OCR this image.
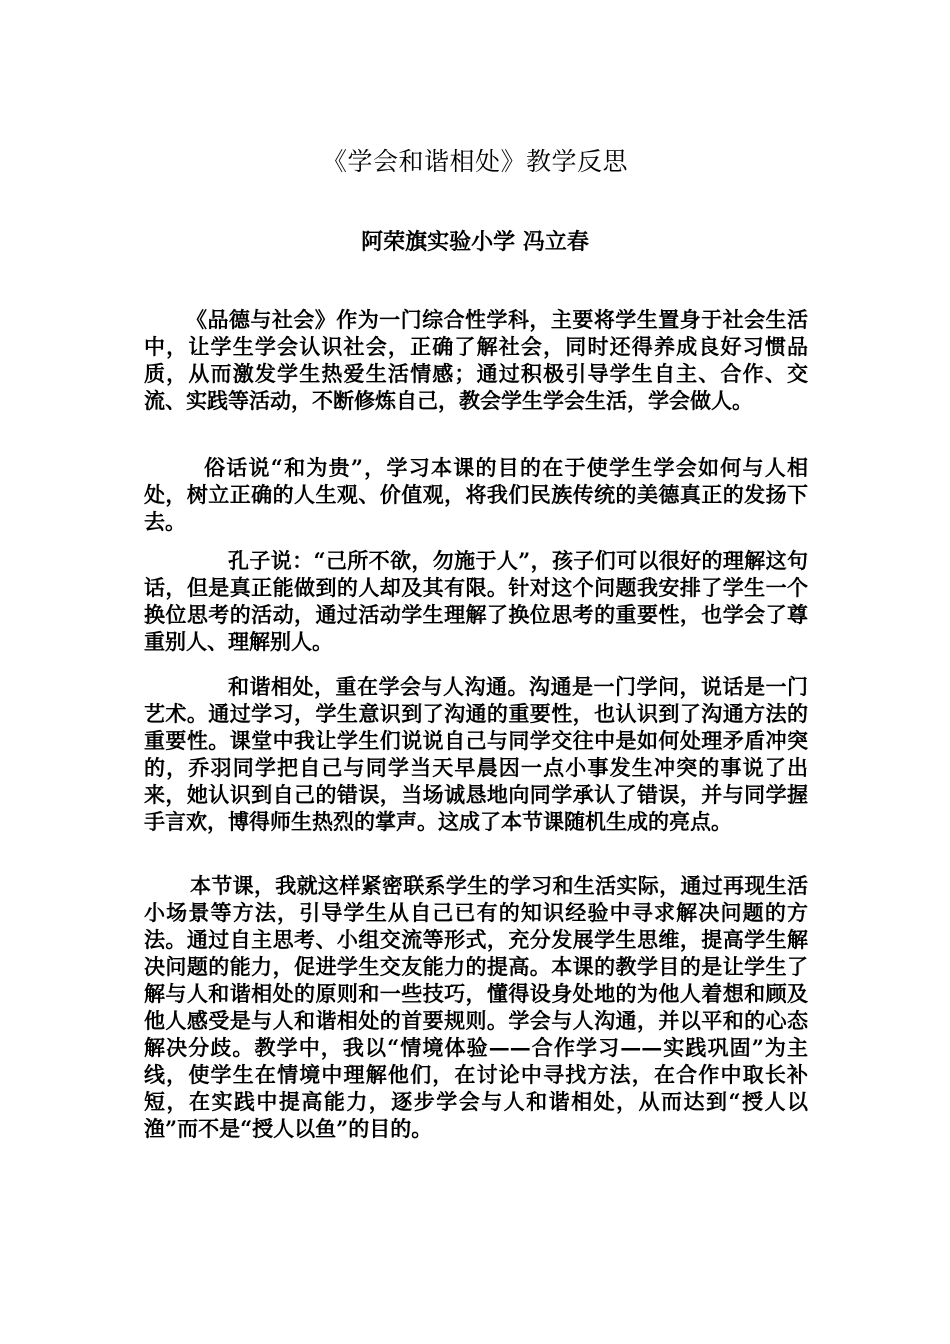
《学会和谐相处》教学反思
阿荣旗实验小学 冯立春

《品德与社会》作为一门综合性学科，主要将学生置身于社会生活中，让学生学会认识社会，正确了解社会，同时还得养成良好习惯品质，从而激发学生热爱生活情感；通过积极引导学生自主、合作、交流、实践等活动，不断修炼自己，教会学生学会生活，学会做人。

俗话说“和为贵”，学习本课的目的在于使学生学会如何与人相处，树立正确的人生观、价值观，将我们民族传统的美德真正的发扬下去。

孔子说：“己所不欲，勿施于人”，孩子们可以很好的理解这句话，但是真正能做到的人却及其有限。针对这个问题我安排了学生一个换位思考的活动，通过活动学生理解了换位思考的重要性，也学会了尊重别人、理解别人。

和谐相处，重在学会与人沟通。沟通是一门学问，说话是一门艺术。通过学习，学生意识到了沟通的重要性，也认识到了沟通方法的重要性。课堂中我让学生们说说自己与同学交往中是如何处理矛盾冲突的，乔羽同学把自己与同学当天早晨因一点小事发生冲突的事说了出来，她认识到自己的错误，当场诚恳地向同学承认了错误，并与同学握手言欢，博得师生热烈的掌声。这成了本节课随机生成的亮点。

本节课，我就这样紧密联系学生的学习和生活实际，通过再现生活小场景等方法，引导学生从自己已有的知识经验中寻求解决问题的方法。通过自主思考、小组交流等形式，充分发展学生思维，提高学生解决问题的能力，促进学生交友能力的提高。本课的教学目的是让学生了解与人和谐相处的原则和一些技巧，懂得设身处地的为他人着想和顾及他人感受是与人和谐相处的首要规则。学会与人沟通，并以平和的心态解决分歧。教学中，我以“情境体验——合作学习——实践巩固”为主线，使学生在情境中理解他们，在讨论中寻找方法，在合作中取长补短，在实践中提高能力，逐步学会与人和谐相处，从而达到“授人以渔”而不是“授人以鱼”的目的。
